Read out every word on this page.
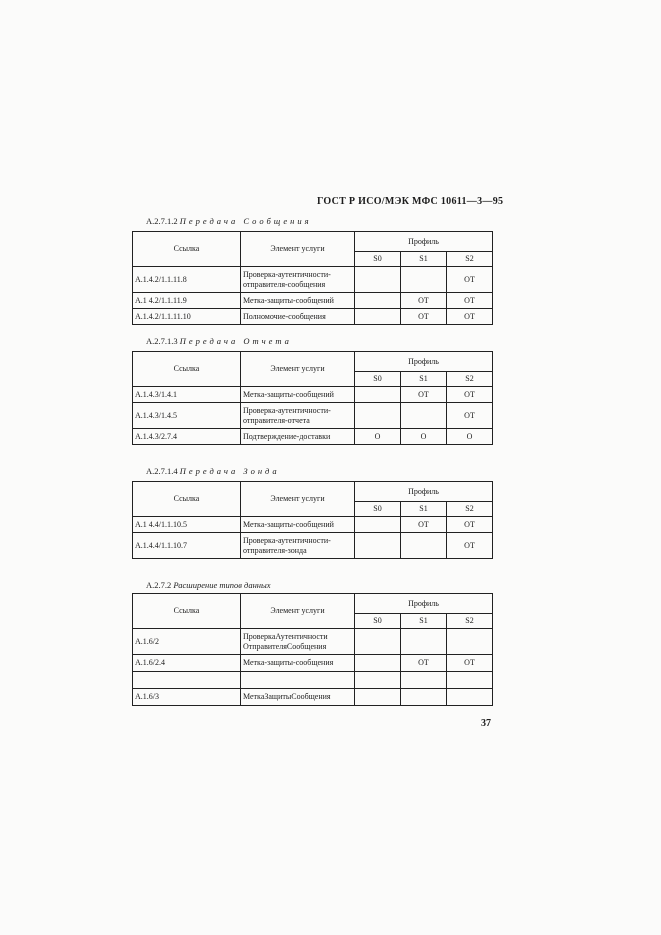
ГОСТ Р ИСО/МЭК МФС 10611—3—95
A.2.7.1.2 Передача Сообщения
Ссылка	Элемент услуги	Профиль		
		S0	S1	S2
A.1.4.2/1.1.11.8	Проверка-аутентичности-отправителя-сообщения			ОТ
A.1 4.2/1.1.11.9	Метка-защиты-сообщений		ОТ	ОТ
A.1.4.2/1.1.11.10	Полномочие-сообщения		ОТ	ОТ
A.2.7.1.3 Передача Отчета
Ссылка	Элемент услуги	Профиль		
		S0	S1	S2
A.1.4.3/1.4.1	Метка-защиты-сообщений		ОТ	ОТ
A.1.4.3/1.4.5	Проверка-аутентичности-отправителя-отчета			ОТ
A.1.4.3/2.7.4	Подтверждение-доставки	О	О	О
A.2.7.1.4 Передача Зонда
Ссылка	Элемент услуги	Профиль		
		S0	S1	S2
A.1 4.4/1.1.10.5	Метка-защиты-сообщений		ОТ	ОТ
A.1.4.4/1.1.10.7	Проверка-аутентичности-отправителя-зонда			ОТ
A.2.7.2 Расширение типов данных
Ссылка	Элемент услуги	Профиль		
		S0	S1	S2
A.1.6/2	ПроверкаАутентичности ОтправителяСообщения			
A.1.6/2.4	Метка-защиты-сообщения		ОТ	ОТ

A.1.6/3	МеткаЗащитыСообщения			
37
